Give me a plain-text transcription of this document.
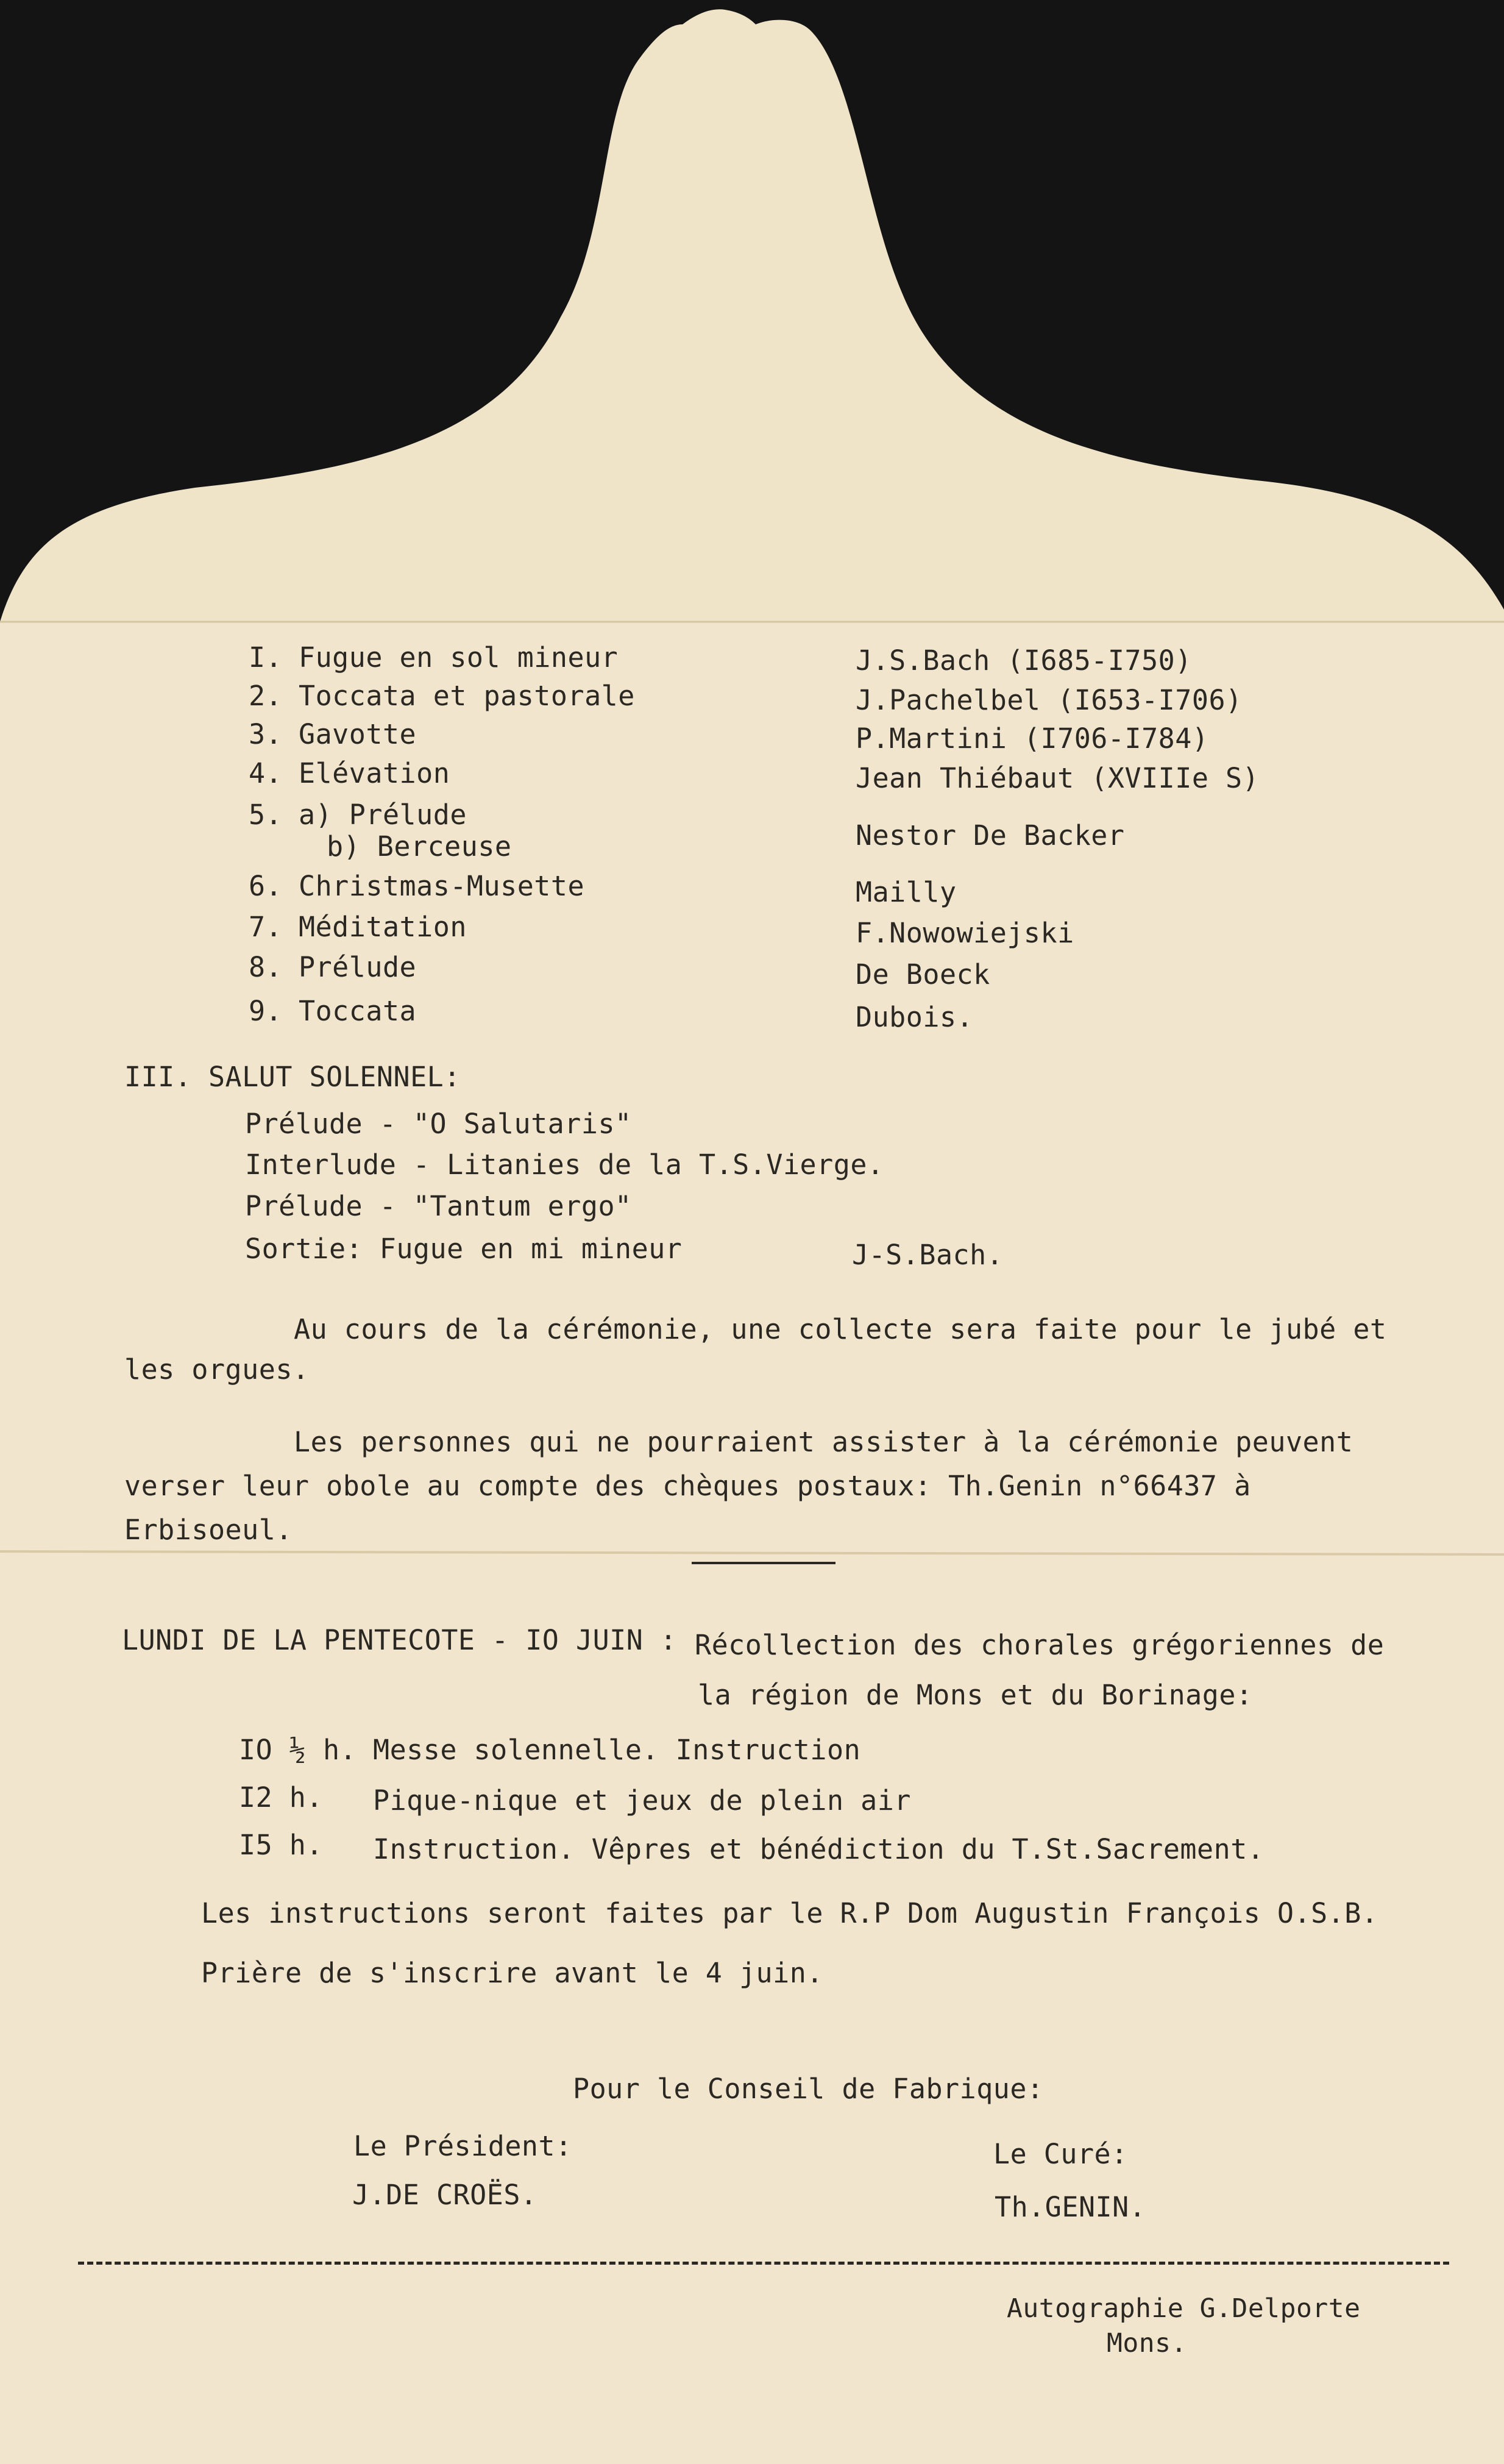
I. Fugue en sol mineur	J.S.Bach (I685-I750)
2. Toccata et pastorale	J.Pachelbel (I653-I706)
3. Gavotte	P.Martini (I706-I784)
4. Elévation	Jean Thiébaut (XVIIIe S)
5. a) Prélude
b) Berceuse	Nestor De Backer
6. Christmas-Musette	Mailly
7. Méditation	F.Nowowiejski
8. Prélude	De Boeck
9. Toccata	Dubois.
III. SALUT SOLENNEL:
Prélude - "O Salutaris"
Interlude - Litanies de la T.S.Vierge.
Prélude - "Tantum ergo"
Sortie: Fugue en mi mineur	J-S.Bach.

Au cours de la cérémonie, une collecte sera faite pour le jubé et les orgues.

Les personnes qui ne pourraient assister à la cérémonie peuvent verser leur obole au compte des chèques postaux: Th.Genin n°66437 à Erbisoeul.

LUNDI DE LA PENTECOTE - IO JUIN : Récollection des chorales grégoriennes de
la région de Mons et du Borinage:
IO ½ h. Messe solennelle. Instruction
I2 h. Pique-nique et jeux de plein air
I5 h. Instruction. Vêpres et bénédiction du T.St.Sacrement.
Les instructions seront faites par le R.P Dom Augustin François O.S.B.
Prière de s'inscrire avant le 4 juin.
Pour le Conseil de Fabrique:
Le Président:
J.DE CROËS.
Le Curé:
Th.GENIN.
Autographie G.Delporte
Mons.
